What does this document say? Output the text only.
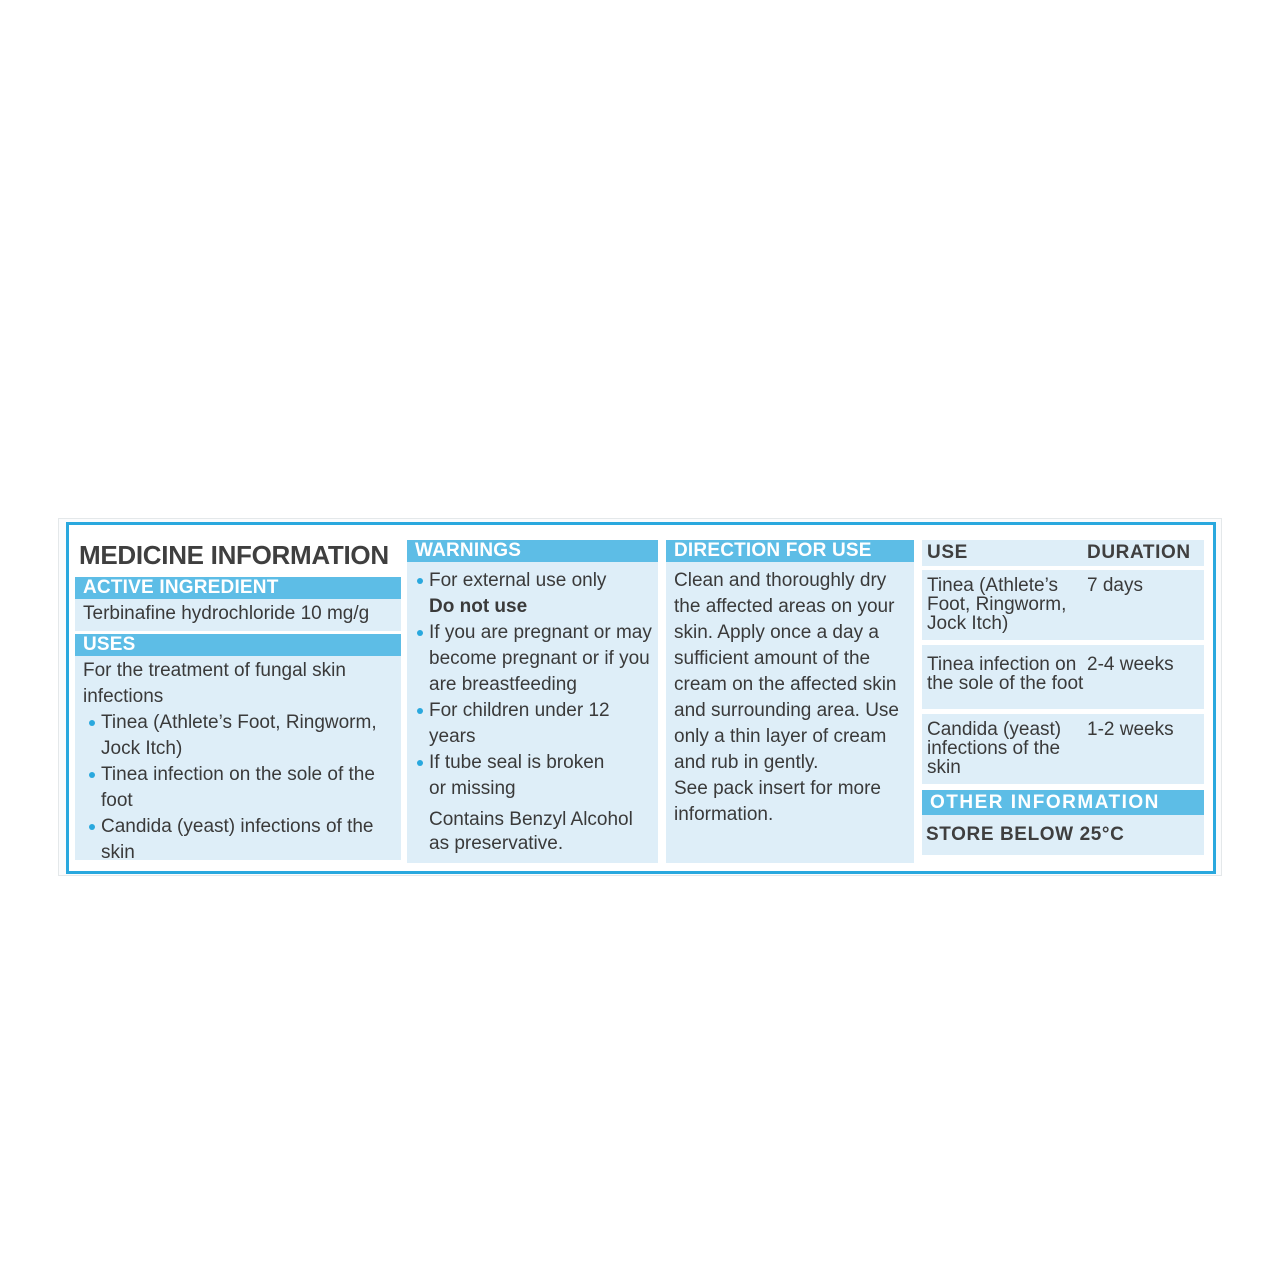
MEDICINE INFORMATION
ACTIVE INGREDIENT
Terbinafine hydrochloride 10 mg/g
USES
For the treatment of fungal skin infections
Tinea (Athlete’s Foot, Ringworm, Jock Itch)
Tinea infection on the sole of the foot
Candida (yeast) infections of the skin
WARNINGS
For external use only
Do not use
If you are pregnant or may become pregnant or if you are breastfeeding
For children under 12 years
If tube seal is broken or missing
Contains Benzyl Alcohol as preservative.
DIRECTION FOR USE
Clean and thoroughly dry the affected areas on your skin. Apply once a day a sufficient amount of the cream on the affected skin and surrounding area. Use only a thin layer of cream and rub in gently.
See pack insert for more information.
USE	DURATION
Tinea (Athlete’s Foot, Ringworm, Jock Itch)
7 days
Tinea infection on the sole of the foot
2-4 weeks
Candida (yeast) infections of the skin
1-2 weeks
OTHER INFORMATION
STORE BELOW 25°C
